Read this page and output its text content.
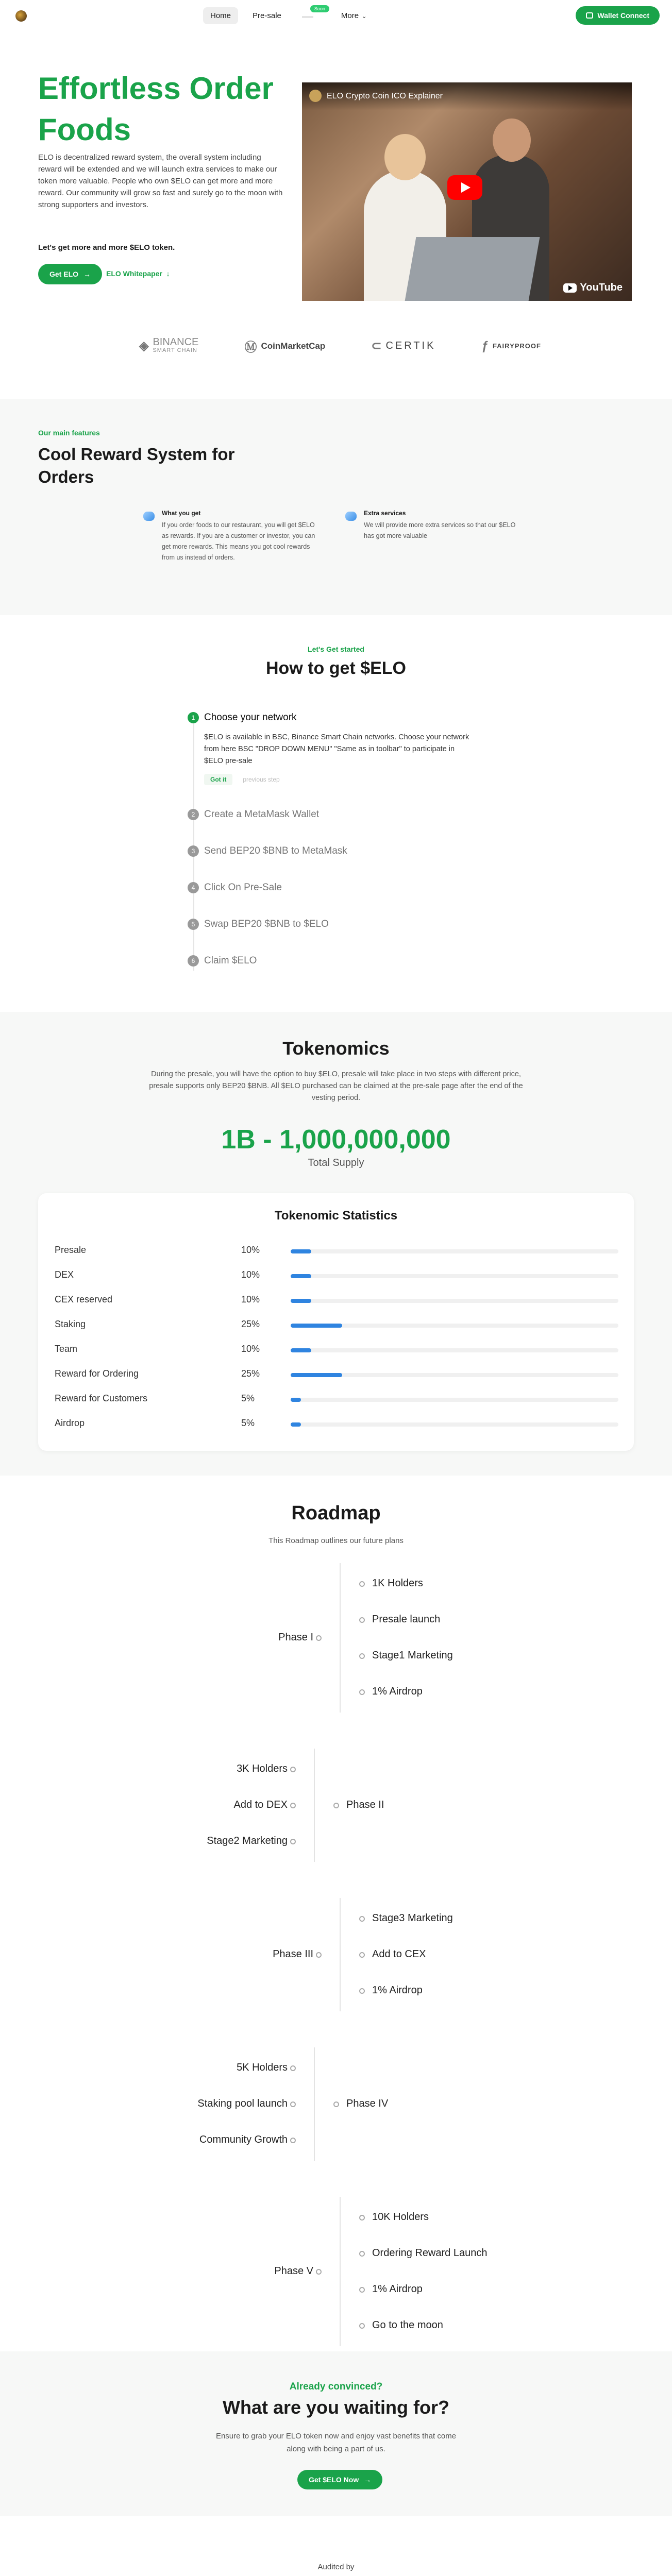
Home	Pre-sale
Soon
More ⌄	Wallet Connect
Effortless Order Foods

ELO is decentralized reward system, the overall system including reward will be extended and we will launch extra services to make our token more valuable. People who own $ELO can get more and more reward. Our community will grow so fast and surely go to the moon with strong supporters and investors.

Let's get more and more $ELO token.

Get ELO → ELO Whitepaper  ↓
ELO Crypto Coin ICO Explainer
YouTube
◈ BINANCE
SMART CHAIN	Ⓜ CoinMarketCap	⊂ CERTIK	ƒ FAIRYPROOF
Our main features
Cool Reward System for Orders
What you get
If you order foods to our restaurant, you will get $ELO as rewards. If you are a customer or investor, you can get more rewards. This means you got cool rewards from us instead of orders.
Extra services
We will provide more extra services so that our $ELO has got more valuable
Let's Get started
How to get $ELO
1 Choose your network
$ELO is available in BSC, Binance Smart Chain networks. Choose your network from here BSC "DROP DOWN MENU" "Same as in toolbar" to participate in $ELO pre-sale
Got it	previous step
2 Create a MetaMask Wallet
3 Send BEP20 $BNB to MetaMask
4 Click On Pre-Sale
5 Swap BEP20 $BNB to $ELO
6 Claim $ELO
Tokenomics

During the presale, you will have the option to buy $ELO, presale will take place in two steps with different price, presale supports only BEP20 $BNB. All $ELO purchased can be claimed at the pre-sale page after the end of the vesting period.

1B - 1,000,000,000
Total Supply
Tokenomic Statistics
Presale	10%
DEX	10%
CEX reserved	10%
Staking	25%
Team	10%
Reward for Ordering	25%
Reward for Customers	5%
Airdrop	5%
Roadmap
This Roadmap outlines our future plans
Phase I
1K Holders
Presale launch
Stage1 Marketing
1% Airdrop
Phase II
3K Holders
Add to DEX
Stage2 Marketing
Phase III
Stage3 Marketing
Add to CEX
1% Airdrop
Phase IV
5K Holders
Staking pool launch
Community Growth
Phase V
10K Holders
Ordering Reward Launch
1% Airdrop
Go to the moon
Already convinced?
What are you waiting for?

Ensure to grab your ELO token now and enjoy vast benefits that come along with being a part of us.

Get $ELO Now →
Audited by
